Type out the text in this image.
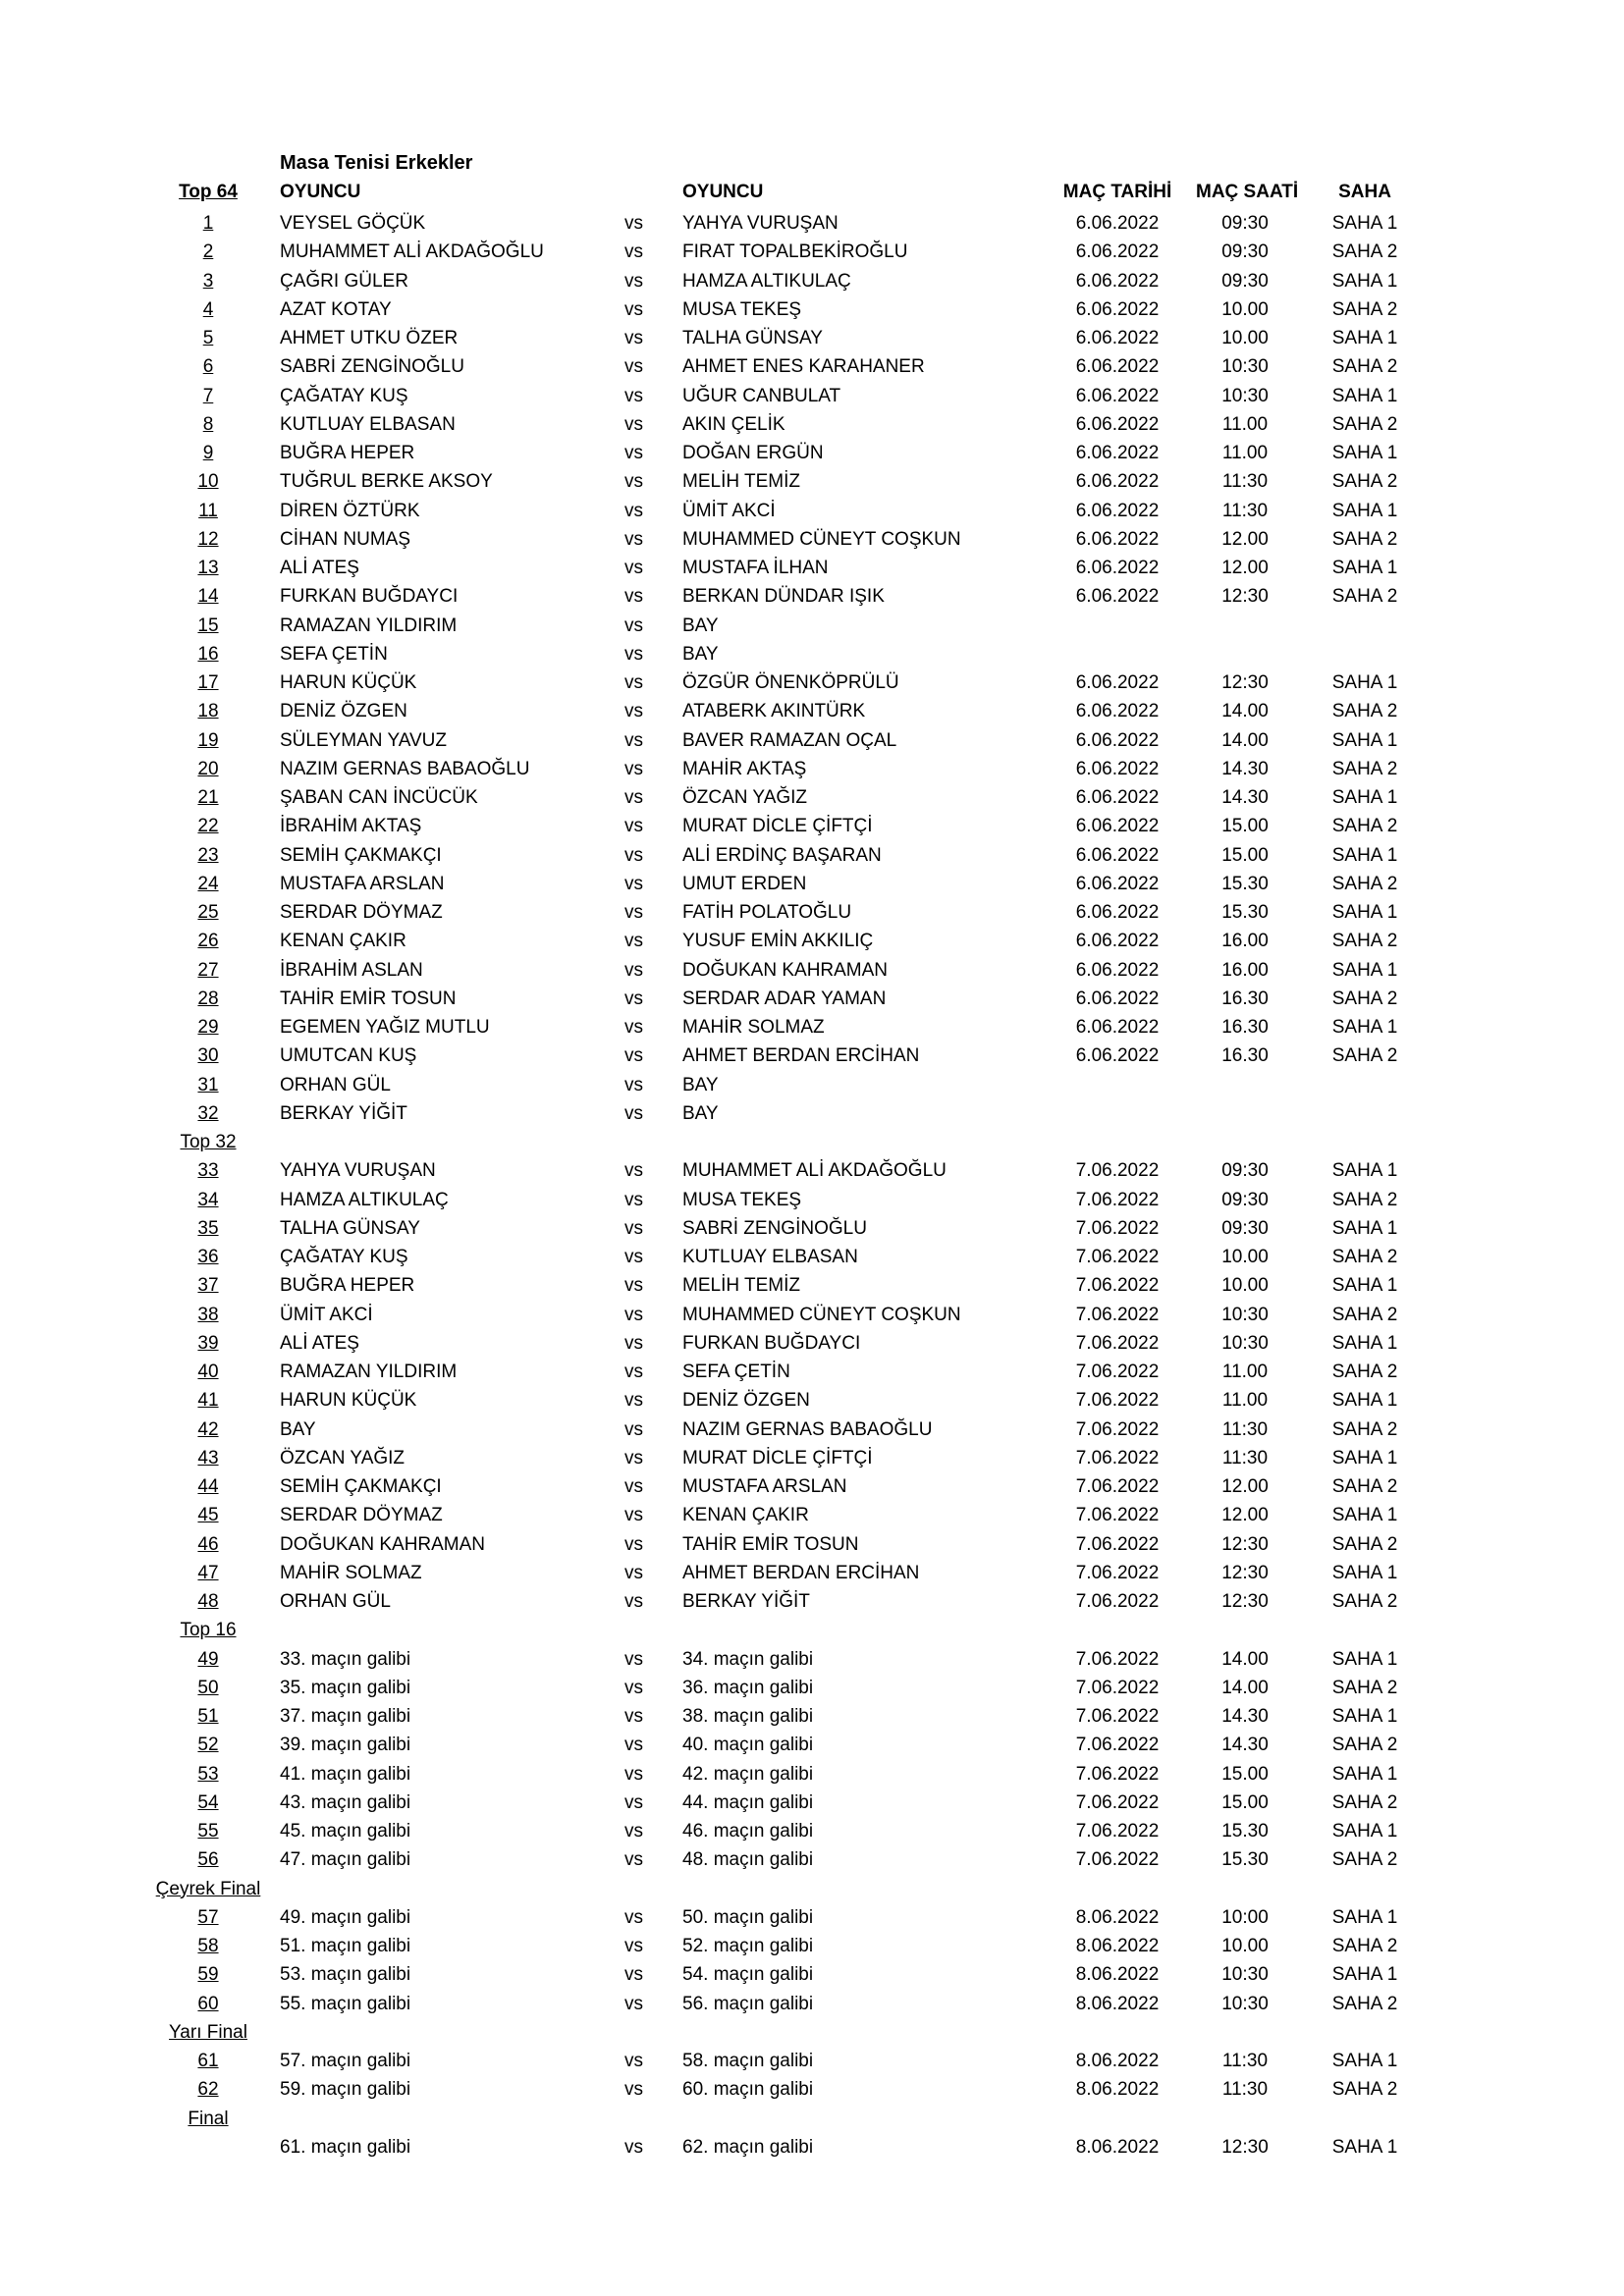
Masa Tenisi Erkekler
Top 64	OYUNCU	OYUNCU	MAÇ TARİHİ	MAÇ SAATİ	SAHA
1	VEYSEL GÖÇÜK	vs YAHYA VURUŞAN	6.06.2022	09:30	SAHA 1
2	MUHAMMET ALİ AKDAĞOĞLU	vs FIRAT TOPALBEKİROĞLU	6.06.2022	09:30	SAHA 2
3	ÇAĞRI GÜLER	vs HAMZA ALTIKULAÇ	6.06.2022	09:30	SAHA 1
4	AZAT KOTAY	vs MUSA TEKEŞ	6.06.2022	10.00	SAHA 2
5	AHMET UTKU ÖZER	vs TALHA GÜNSAY	6.06.2022	10.00	SAHA 1
6	SABRİ ZENGİNOĞLU	vs AHMET ENES KARAHANER	6.06.2022	10:30	SAHA 2
7	ÇAĞATAY KUŞ	vs UĞUR CANBULAT	6.06.2022	10:30	SAHA 1
8	KUTLUAY ELBASAN	vs AKIN ÇELİK	6.06.2022	11.00	SAHA 2
9	BUĞRA HEPER	vs DOĞAN ERGÜN	6.06.2022	11.00	SAHA 1
10	TUĞRUL BERKE AKSOY	vs MELİH TEMİZ	6.06.2022	11:30	SAHA 2
11	DİREN ÖZTÜRK	vs ÜMİT AKCİ	6.06.2022	11:30	SAHA 1
12	CİHAN NUMAŞ	vs MUHAMMED CÜNEYT COŞKUN	6.06.2022	12.00	SAHA 2
13	ALİ ATEŞ	vs MUSTAFA İLHAN	6.06.2022	12.00	SAHA 1
14	FURKAN BUĞDAYCI	vs BERKAN DÜNDAR IŞIK	6.06.2022	12:30	SAHA 2
15	RAMAZAN YILDIRIM	vs BAY
16	SEFA ÇETİN	vs BAY
17	HARUN KÜÇÜK	vs ÖZGÜR ÖNENKÖPRÜLÜ	6.06.2022	12:30	SAHA 1
18	DENİZ ÖZGEN	vs ATABERK AKINTÜRK	6.06.2022	14.00	SAHA 2
19	SÜLEYMAN YAVUZ	vs BAVER RAMAZAN OÇAL	6.06.2022	14.00	SAHA 1
20	NAZIM GERNAS BABAOĞLU	vs MAHİR AKTAŞ	6.06.2022	14.30	SAHA 2
21	ŞABAN CAN İNCÜCÜK	vs ÖZCAN YAĞIZ	6.06.2022	14.30	SAHA 1
22	İBRAHİM AKTAŞ	vs MURAT DİCLE ÇİFTÇİ	6.06.2022	15.00	SAHA 2
23	SEMİH ÇAKMAKÇI	vs ALİ ERDİNÇ BAŞARAN	6.06.2022	15.00	SAHA 1
24	MUSTAFA ARSLAN	vs UMUT ERDEN	6.06.2022	15.30	SAHA 2
25	SERDAR DÖYMAZ	vs FATİH POLATOĞLU	6.06.2022	15.30	SAHA 1
26	KENAN ÇAKIR	vs YUSUF EMİN AKKILIÇ	6.06.2022	16.00	SAHA 2
27	İBRAHİM ASLAN	vs DOĞUKAN KAHRAMAN	6.06.2022	16.00	SAHA 1
28	TAHİR EMİR TOSUN	vs SERDAR ADAR YAMAN	6.06.2022	16.30	SAHA 2
29	EGEMEN YAĞIZ MUTLU	vs MAHİR SOLMAZ	6.06.2022	16.30	SAHA 1
30	UMUTCAN KUŞ	vs AHMET BERDAN ERCİHAN	6.06.2022	16.30	SAHA 2
31	ORHAN GÜL	vs BAY
32	BERKAY YİĞİT	vs BAY
Top 32
33	YAHYA VURUŞAN	vs MUHAMMET ALİ AKDAĞOĞLU	7.06.2022	09:30	SAHA 1
34	HAMZA ALTIKULAÇ	vs MUSA TEKEŞ	7.06.2022	09:30	SAHA 2
35	TALHA GÜNSAY	vs SABRİ ZENGİNOĞLU	7.06.2022	09:30	SAHA 1
36	ÇAĞATAY KUŞ	vs KUTLUAY ELBASAN	7.06.2022	10.00	SAHA 2
37	BUĞRA HEPER	vs MELİH TEMİZ	7.06.2022	10.00	SAHA 1
38	ÜMİT AKCİ	vs MUHAMMED CÜNEYT COŞKUN	7.06.2022	10:30	SAHA 2
39	ALİ ATEŞ	vs FURKAN BUĞDAYCI	7.06.2022	10:30	SAHA 1
40	RAMAZAN YILDIRIM	vs SEFA ÇETİN	7.06.2022	11.00	SAHA 2
41	HARUN KÜÇÜK	vs DENİZ ÖZGEN	7.06.2022	11.00	SAHA 1
42	BAY	vs NAZIM GERNAS BABAOĞLU	7.06.2022	11:30	SAHA 2
43	ÖZCAN YAĞIZ	vs MURAT DİCLE ÇİFTÇİ	7.06.2022	11:30	SAHA 1
44	SEMİH ÇAKMAKÇI	vs MUSTAFA ARSLAN	7.06.2022	12.00	SAHA 2
45	SERDAR DÖYMAZ	vs KENAN ÇAKIR	7.06.2022	12.00	SAHA 1
46	DOĞUKAN KAHRAMAN	vs TAHİR EMİR TOSUN	7.06.2022	12:30	SAHA 2
47	MAHİR SOLMAZ	vs AHMET BERDAN ERCİHAN	7.06.2022	12:30	SAHA 1
48	ORHAN GÜL	vs BERKAY YİĞİT	7.06.2022	12:30	SAHA 2
Top 16
49	33. maçın galibi	vs 34. maçın galibi	7.06.2022	14.00	SAHA 1
50	35. maçın galibi	vs 36. maçın galibi	7.06.2022	14.00	SAHA 2
51	37. maçın galibi	vs 38. maçın galibi	7.06.2022	14.30	SAHA 1
52	39. maçın galibi	vs 40. maçın galibi	7.06.2022	14.30	SAHA 2
53	41. maçın galibi	vs 42. maçın galibi	7.06.2022	15.00	SAHA 1
54	43. maçın galibi	vs 44. maçın galibi	7.06.2022	15.00	SAHA 2
55	45. maçın galibi	vs 46. maçın galibi	7.06.2022	15.30	SAHA 1
56	47. maçın galibi	vs 48. maçın galibi	7.06.2022	15.30	SAHA 2
Çeyrek Final
57	49. maçın galibi	vs 50. maçın galibi	8.06.2022	10:00	SAHA 1
58	51. maçın galibi	vs 52. maçın galibi	8.06.2022	10.00	SAHA 2
59	53. maçın galibi	vs 54. maçın galibi	8.06.2022	10:30	SAHA 1
60	55. maçın galibi	vs 56. maçın galibi	8.06.2022	10:30	SAHA 2
Yarı Final
61	57. maçın galibi	vs 58. maçın galibi	8.06.2022	11:30	SAHA 1
62	59. maçın galibi	vs 60. maçın galibi	8.06.2022	11:30	SAHA 2
Final
61. maçın galibi	vs 62. maçın galibi	8.06.2022	12:30	SAHA 1
